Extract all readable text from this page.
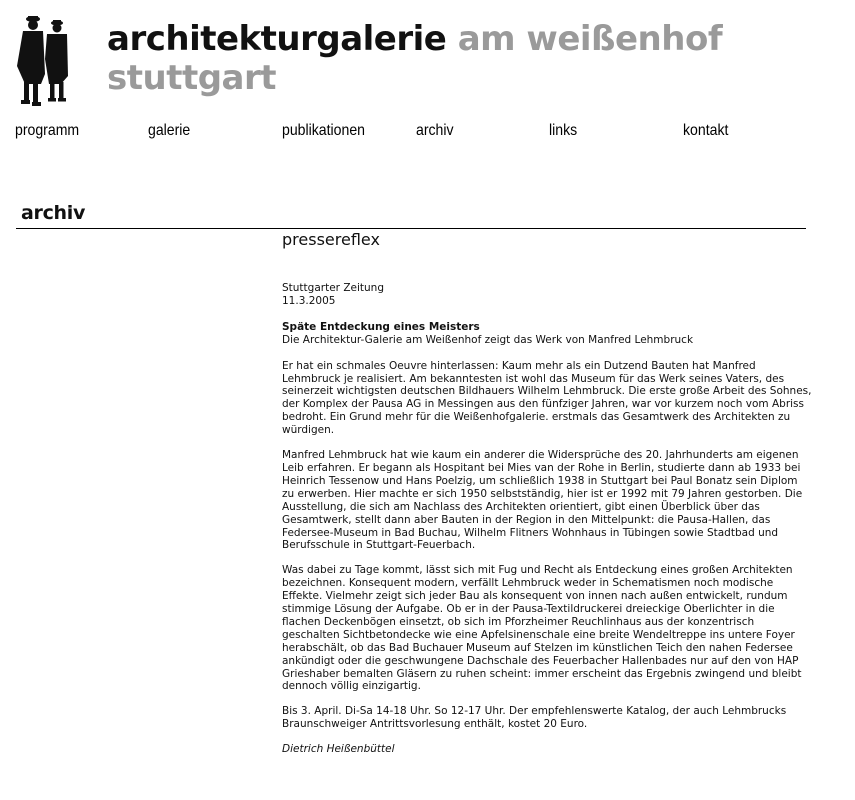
architekturgalerie am weißenhof
stuttgart
programm	galerie	publikationen	archiv	links	kontakt
archiv
pressereflex

Stuttgarter Zeitung
11.3.2005

Späte Entdeckung eines Meisters
Die Architektur-Galerie am Weißenhof zeigt das Werk von Manfred Lehmbruck

Er hat ein schmales Oeuvre hinterlassen: Kaum mehr als ein Dutzend Bauten hat Manfred Lehmbruck je realisiert. Am bekanntesten ist wohl das Museum für das Werk seines Vaters, des seinerzeit wichtigsten deutschen Bildhauers Wilhelm Lehmbruck. Die erste große Arbeit des Sohnes, der Komplex der Pausa AG in Messingen aus den fünfziger Jahren, war vor kurzem noch vom Abriss bedroht. Ein Grund mehr für die Weißenhofgalerie. erstmals das Gesamtwerk des Architekten zu würdigen.

Manfred Lehmbruck hat wie kaum ein anderer die Widersprüche des 20. Jahrhunderts am eigenen Leib erfahren. Er begann als Hospitant bei Mies van der Rohe in Berlin, studierte dann ab 1933 bei Heinrich Tessenow und Hans Poelzig, um schließlich 1938 in Stuttgart bei Paul Bonatz sein Diplom zu erwerben. Hier machte er sich 1950 selbstständig, hier ist er 1992 mit 79 Jahren gestorben. Die Ausstellung, die sich am Nachlass des Architekten orientiert, gibt einen Überblick über das Gesamtwerk, stellt dann aber Bauten in der Region in den Mittelpunkt: die Pausa-Hallen, das Federsee-Museum in Bad Buchau, Wilhelm Flitners Wohnhaus in Tübingen sowie Stadtbad und Berufsschule in Stuttgart-Feuerbach.

Was dabei zu Tage kommt, lässt sich mit Fug und Recht als Entdeckung eines großen Architekten bezeichnen. Konsequent modern, verfällt Lehmbruck weder in Schematismen noch modische Effekte. Vielmehr zeigt sich jeder Bau als konsequent von innen nach außen entwickelt, rundum stimmige Lösung der Aufgabe. Ob er in der Pausa-Textildruckerei dreieckige Oberlichter in die flachen Deckenbögen einsetzt, ob sich im Pforzheimer Reuchlinhaus aus der konzentrisch geschalten Sichtbetondecke wie eine Apfelsinenschale eine breite Wendeltreppe ins untere Foyer herabschält, ob das Bad Buchauer Museum auf Stelzen im künstlichen Teich den nahen Federsee ankündigt oder die geschwungene Dachschale des Feuerbacher Hallenbades nur auf den von HAP Grieshaber bemalten Gläsern zu ruhen scheint: immer erscheint das Ergebnis zwingend und bleibt dennoch völlig einzigartig.

Bis 3. April. Di-Sa 14-18 Uhr. So 12-17 Uhr. Der empfehlenswerte Katalog, der auch Lehmbrucks Braunschweiger Antrittsvorlesung enthält, kostet 20 Euro.

Dietrich Heißenbüttel
